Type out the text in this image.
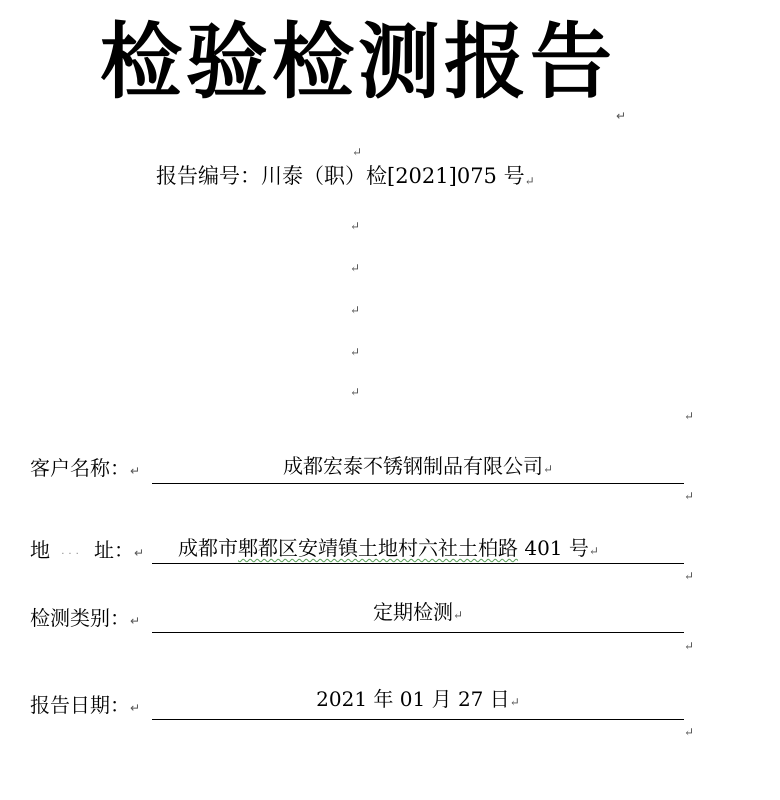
检验检测报告$_↵$
↵
报告编号：川泰（职）检[2021]075 号↵
↵
↵
↵
↵
↵
↵
客户名称：↵	成都宏泰不锈钢制品有限公司↵
↵
地 ··· 址：↵ 成都市郫都区安靖镇土地村六社土柏路 401 号↵
↵
检测类别：↵	定期检测↵
↵
报告日期：↵	2021 年 01 月 27 日↵
↵
